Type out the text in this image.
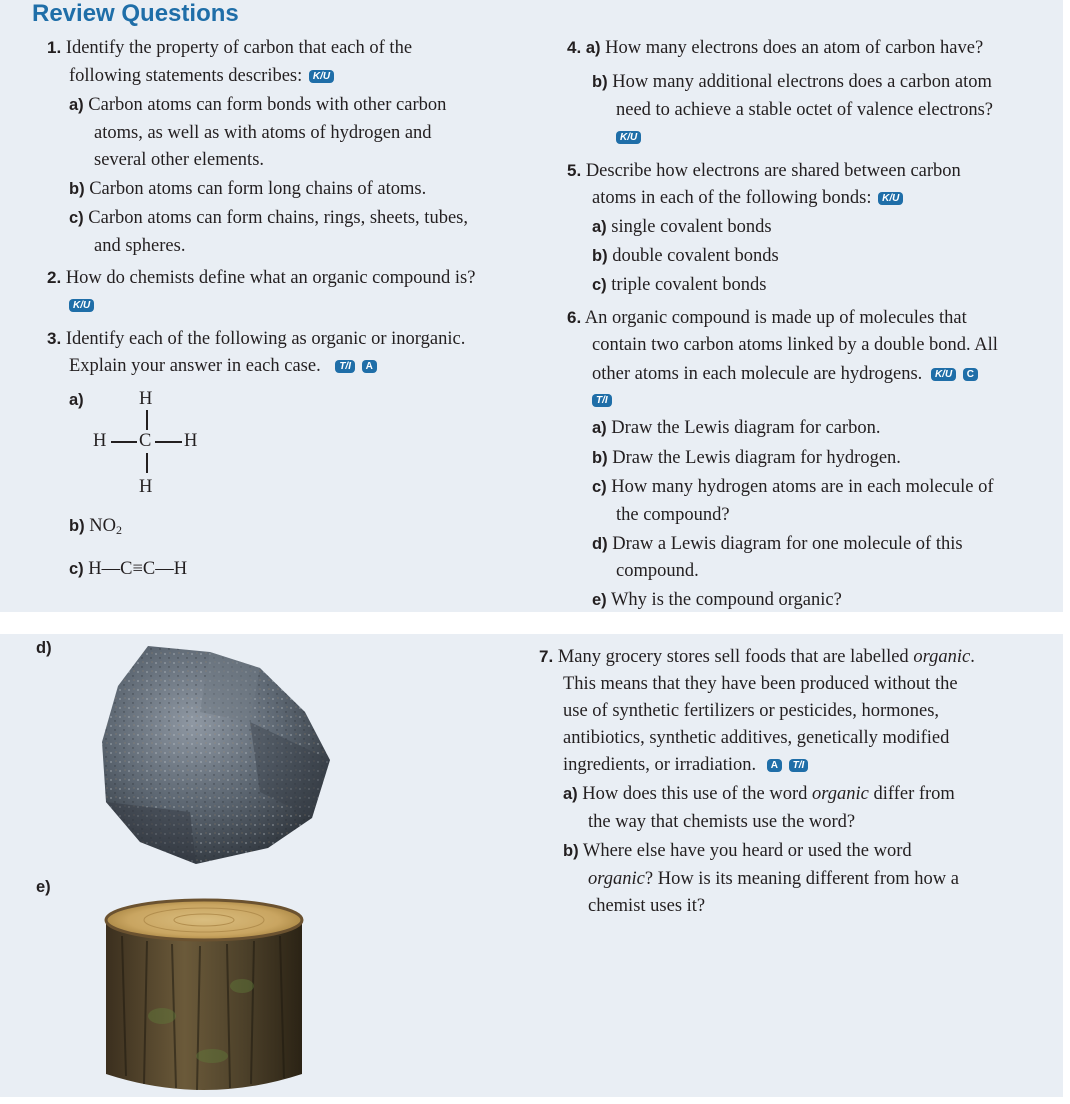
Review Questions
1. Identify the property of carbon that each of the
following statements describes: K/U
a) Carbon atoms can form bonds with other carbon
atoms, as well as with atoms of hydrogen and
several other elements.
b) Carbon atoms can form long chains of atoms.
c) Carbon atoms can form chains, rings, sheets, tubes,
and spheres.
2. How do chemists define what an organic compound is?
K/U
3. Identify each of the following as organic or inorganic.
Explain your answer in each case. T/I A
a)	H
H C H
H
b) $NO_2$
c) H—C≡C—H
4. a) How many electrons does an atom of carbon have?
b) How many additional electrons does a carbon atom
need to achieve a stable octet of valence electrons?
K/U
5. Describe how electrons are shared between carbon
atoms in each of the following bonds: K/U
a) single covalent bonds
b) double covalent bonds
c) triple covalent bonds
6. An organic compound is made up of molecules that
contain two carbon atoms linked by a double bond. All
other atoms in each molecule are hydrogens. K/U C
T/I
a) Draw the Lewis diagram for carbon.
b) Draw the Lewis diagram for hydrogen.
c) How many hydrogen atoms are in each molecule of
the compound?
d) Draw a Lewis diagram for one molecule of this
compound.
e) Why is the compound organic?
d)
e)
7. Many grocery stores sell foods that are labelled organic.
This means that they have been produced without the
use of synthetic fertilizers or pesticides, hormones,
antibiotics, synthetic additives, genetically modified
ingredients, or irradiation. A T/I
a) How does this use of the word organic differ from
the way that chemists use the word?
b) Where else have you heard or used the word
organic? How is its meaning different from how a
chemist uses it?
